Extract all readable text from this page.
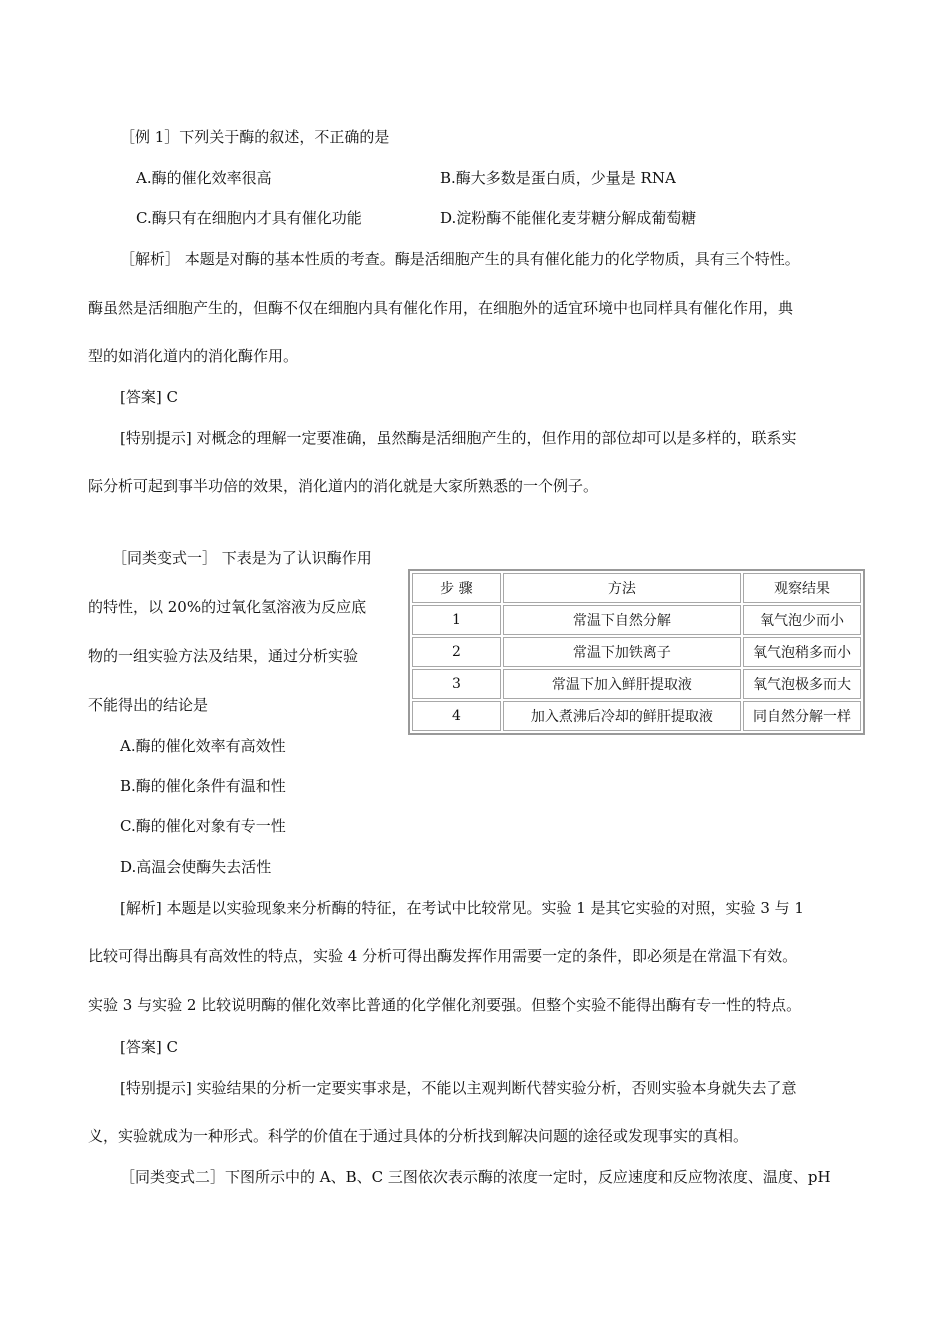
［例 1］下列关于酶的叙述，不正确的是
A.酶的催化效率很高	B.酶大多数是蛋白质，少量是 RNA
C.酶只有在细胞内才具有催化功能	D.淀粉酶不能催化麦芽糖分解成葡萄糖
［解析］ 本题是对酶的基本性质的考查。酶是活细胞产生的具有催化能力的化学物质，具有三个特性。
酶虽然是活细胞产生的，但酶不仅在细胞内具有催化作用，在细胞外的适宜环境中也同样具有催化作用，典
型的如消化道内的消化酶作用。
[答案] C
[特别提示] 对概念的理解一定要准确，虽然酶是活细胞产生的，但作用的部位却可以是多样的，联系实
际分析可起到事半功倍的效果，消化道内的消化就是大家所熟悉的一个例子。
［同类变式一］ 下表是为了认识酶作用
的特性，以 20%的过氧化氢溶液为反应底
物的一组实验方法及结果，通过分析实验
不能得出的结论是
A.酶的催化效率有高效性
B.酶的催化条件有温和性
C.酶的催化对象有专一性
D.高温会使酶失去活性
步 骤	方法	观察结果
1	常温下自然分解	氧气泡少而小
2	常温下加铁离子	氧气泡稍多而小
3	常温下加入鲜肝提取液	氧气泡极多而大
4	加入煮沸后冷却的鲜肝提取液	同自然分解一样
[解析] 本题是以实验现象来分析酶的特征，在考试中比较常见。实验 1 是其它实验的对照，实验 3 与 1
比较可得出酶具有高效性的特点，实验 4 分析可得出酶发挥作用需要一定的条件，即必须是在常温下有效。
实验 3 与实验 2 比较说明酶的催化效率比普通的化学催化剂要强。但整个实验不能得出酶有专一性的特点。
[答案] C
[特别提示] 实验结果的分析一定要实事求是，不能以主观判断代替实验分析，否则实验本身就失去了意
义，实验就成为一种形式。科学的价值在于通过具体的分析找到解决问题的途径或发现事实的真相。
［同类变式二］下图所示中的 A、B、C 三图依次表示酶的浓度一定时，反应速度和反应物浓度、温度、pH
